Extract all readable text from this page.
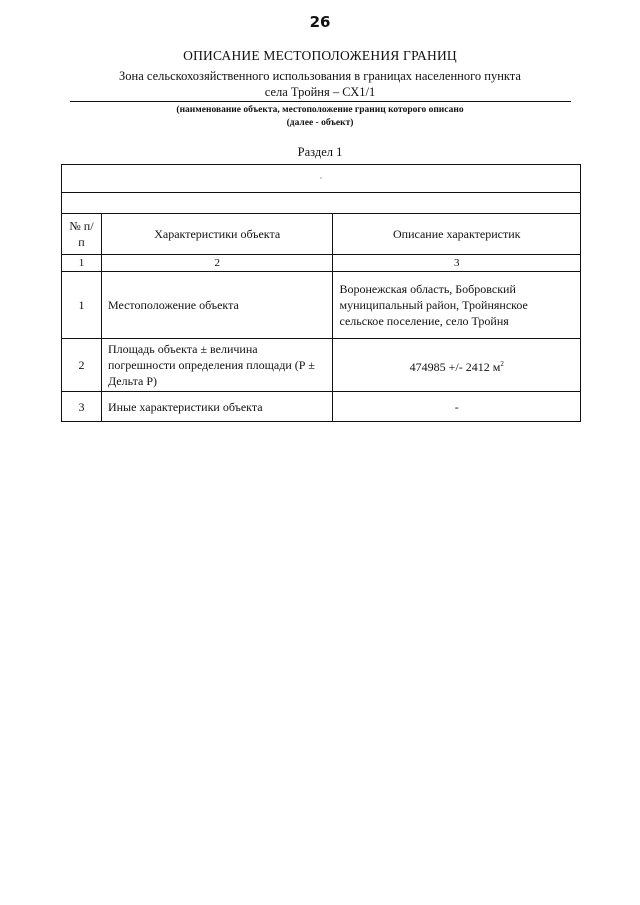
26
ОПИСАНИЕ МЕСТОПОЛОЖЕНИЯ ГРАНИЦ
Зона сельскохозяйственного использования в границах населенного пункта
села Тройня – СХ1/1
(наименование объекта, местоположение границ которого описано
(далее - объект)
Раздел 1
·		

№ п/п	Характеристики объекта	Описание характеристик
1	2	3
1	Местоположение объекта	Воронежская область, Бобровский муниципальный район, Тройнянское сельское поселение, село Тройня
2	Площадь объекта ± величина погрешности определения площади (Р ± Дельта Р)	474985 +/- 2412 $м^2$
3	Иные характеристики объекта	-
